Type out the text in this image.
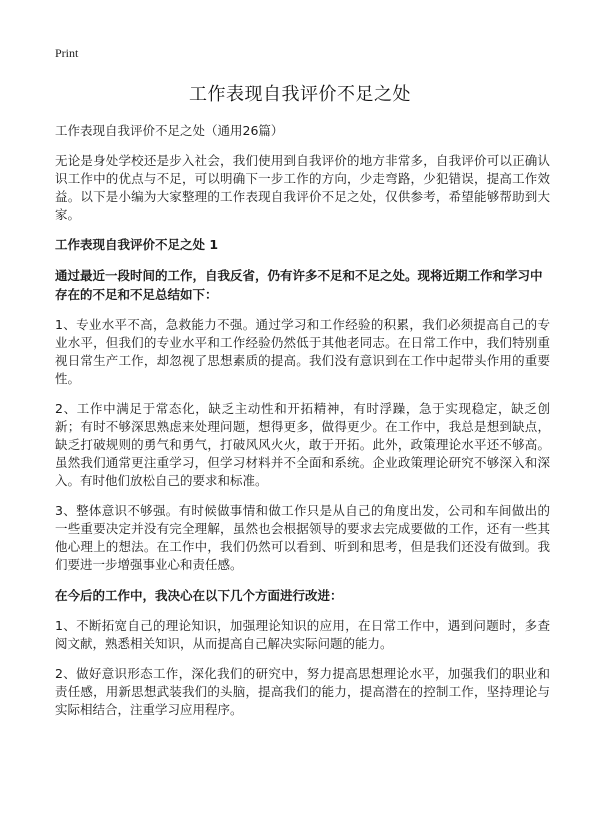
Print
工作表现自我评价不足之处
工作表现自我评价不足之处（通用26篇）

无论是身处学校还是步入社会，我们使用到自我评价的地方非常多，自我评价可以正确认识工作中的优点与不足，可以明确下一步工作的方向，少走弯路，少犯错误，提高工作效益。以下是小编为大家整理的工作表现自我评价不足之处，仅供参考，希望能够帮助到大家。

工作表现自我评价不足之处 1
通过最近一段时间的工作，自我反省，仍有许多不足和不足之处。现将近期工作和学习中存在的不足和不足总结如下：

1、专业水平不高，急救能力不强。通过学习和工作经验的积累，我们必须提高自己的专业水平，但我们的专业水平和工作经验仍然低于其他老同志。在日常工作中，我们特别重视日常生产工作，却忽视了思想素质的提高。我们没有意识到在工作中起带头作用的重要性。

2、工作中满足于常态化，缺乏主动性和开拓精神，有时浮躁，急于实现稳定，缺乏创新；有时不够深思熟虑来处理问题，想得更多，做得更少。在工作中，我总是想到缺点，缺乏打破规则的勇气和勇气，打破风风火火，敢于开拓。此外，政策理论水平还不够高。虽然我们通常更注重学习，但学习材料并不全面和系统。企业政策理论研究不够深入和深入。有时他们放松自己的要求和标准。

3、整体意识不够强。有时候做事情和做工作只是从自己的角度出发，公司和车间做出的一些重要决定并没有完全理解，虽然也会根据领导的要求去完成要做的工作，还有一些其他心理上的想法。在工作中，我们仍然可以看到、听到和思考，但是我们还没有做到。我们要进一步增强事业心和责任感。

在今后的工作中，我决心在以下几个方面进行改进：

1、不断拓宽自己的理论知识，加强理论知识的应用，在日常工作中，遇到问题时，多查阅文献，熟悉相关知识，从而提高自己解决实际问题的能力。

2、做好意识形态工作，深化我们的研究中，努力提高思想理论水平，加强我们的职业和责任感，用新思想武装我们的头脑，提高我们的能力，提高潜在的控制工作，坚持理论与实际相结合，注重学习应用程序。
